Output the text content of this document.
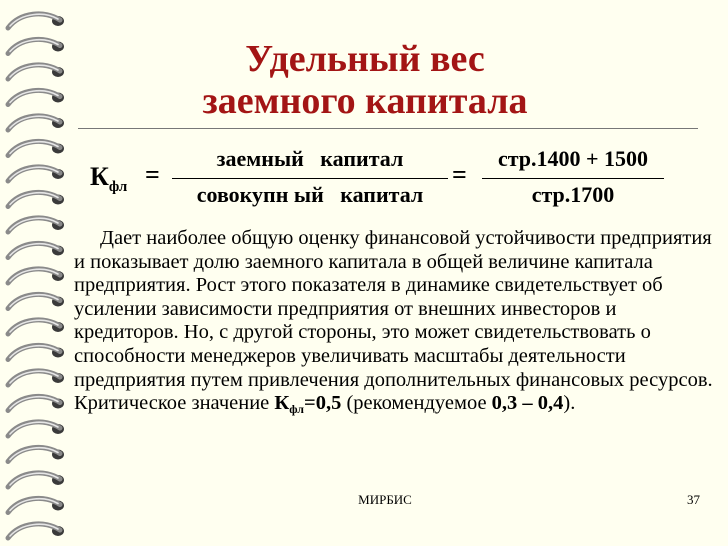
Удельный вес
заемного капитала
$К_{фл}$ =
заемный   капитал
совокупн ый   капитал
=
стр.1400 + 1500
стр.1700
Дает наиболее общую оценку финансовой устойчивости предприятия и показывает долю заемного капитала в общей величине капитала предприятия. Рост этого показателя в динамике свидетельствует об усилении зависимости предприятия от внешних инвесторов и кредиторов. Но, с другой стороны, это может свидетельствовать о способности менеджеров увеличивать масштабы деятельности предприятия путем привлечения дополнительных финансовых ресурсов. Критическое значение $К_{фл}=0,5$ (рекомендуемое 0,3 – 0,4).
МИРБИС	37
